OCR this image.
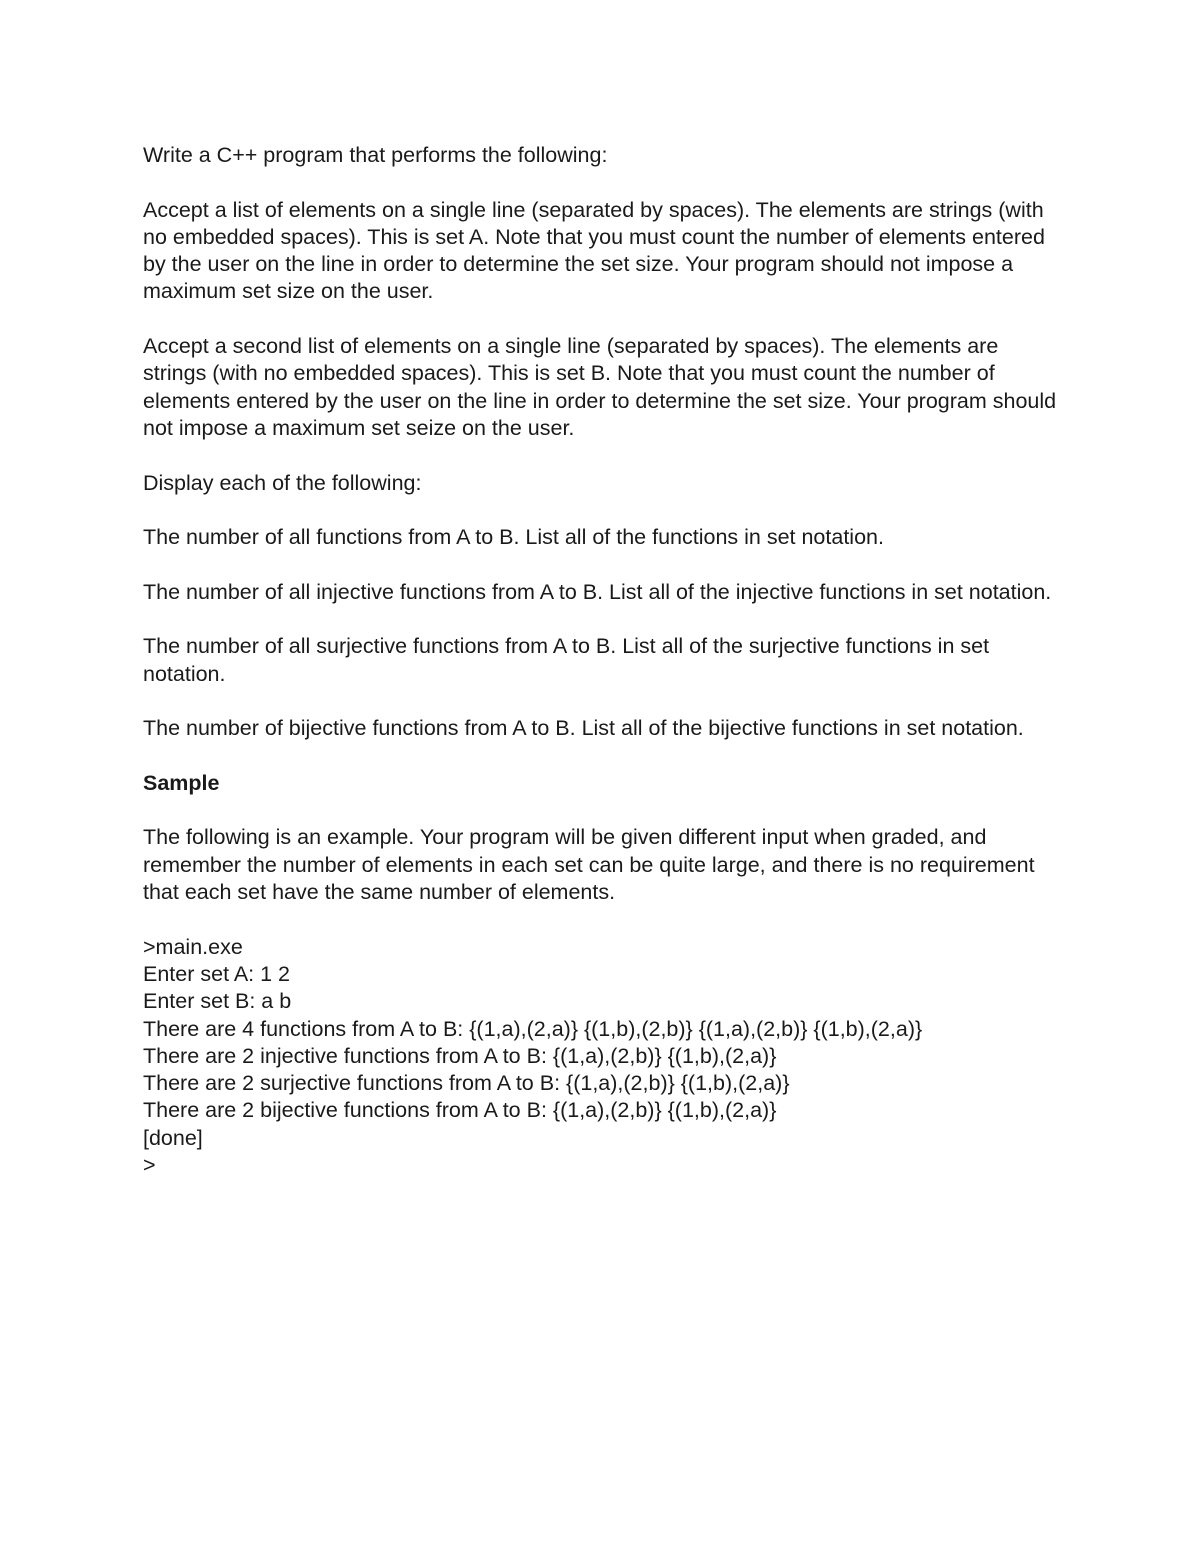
Write a C++ program that performs the following:

Accept a list of elements on a single line (separated by spaces). The elements are strings (with no embedded spaces). This is set A. Note that you must count the number of elements entered by the user on the line in order to determine the set size. Your program should not impose a maximum set size on the user.

Accept a second list of elements on a single line (separated by spaces). The elements are strings (with no embedded spaces). This is set B. Note that you must count the number of elements entered by the user on the line in order to determine the set size. Your program should not impose a maximum set seize on the user.

Display each of the following:

The number of all functions from A to B. List all of the functions in set notation.

The number of all injective functions from A to B. List all of the injective functions in set notation.

The number of all surjective functions from A to B. List all of the surjective functions in set notation.

The number of bijective functions from A to B. List all of the bijective functions in set notation.

Sample

The following is an example. Your program will be given different input when graded, and remember the number of elements in each set can be quite large, and there is no requirement that each set have the same number of elements.

>main.exe

Enter set A: 1 2

Enter set B: a b

There are 4 functions from A to B: {(1,a),(2,a)} {(1,b),(2,b)} {(1,a),(2,b)} {(1,b),(2,a)}

There are 2 injective functions from A to B: {(1,a),(2,b)} {(1,b),(2,a)}

There are 2 surjective functions from A to B: {(1,a),(2,b)} {(1,b),(2,a)}

There are 2 bijective functions from A to B: {(1,a),(2,b)} {(1,b),(2,a)}

[done]

>
